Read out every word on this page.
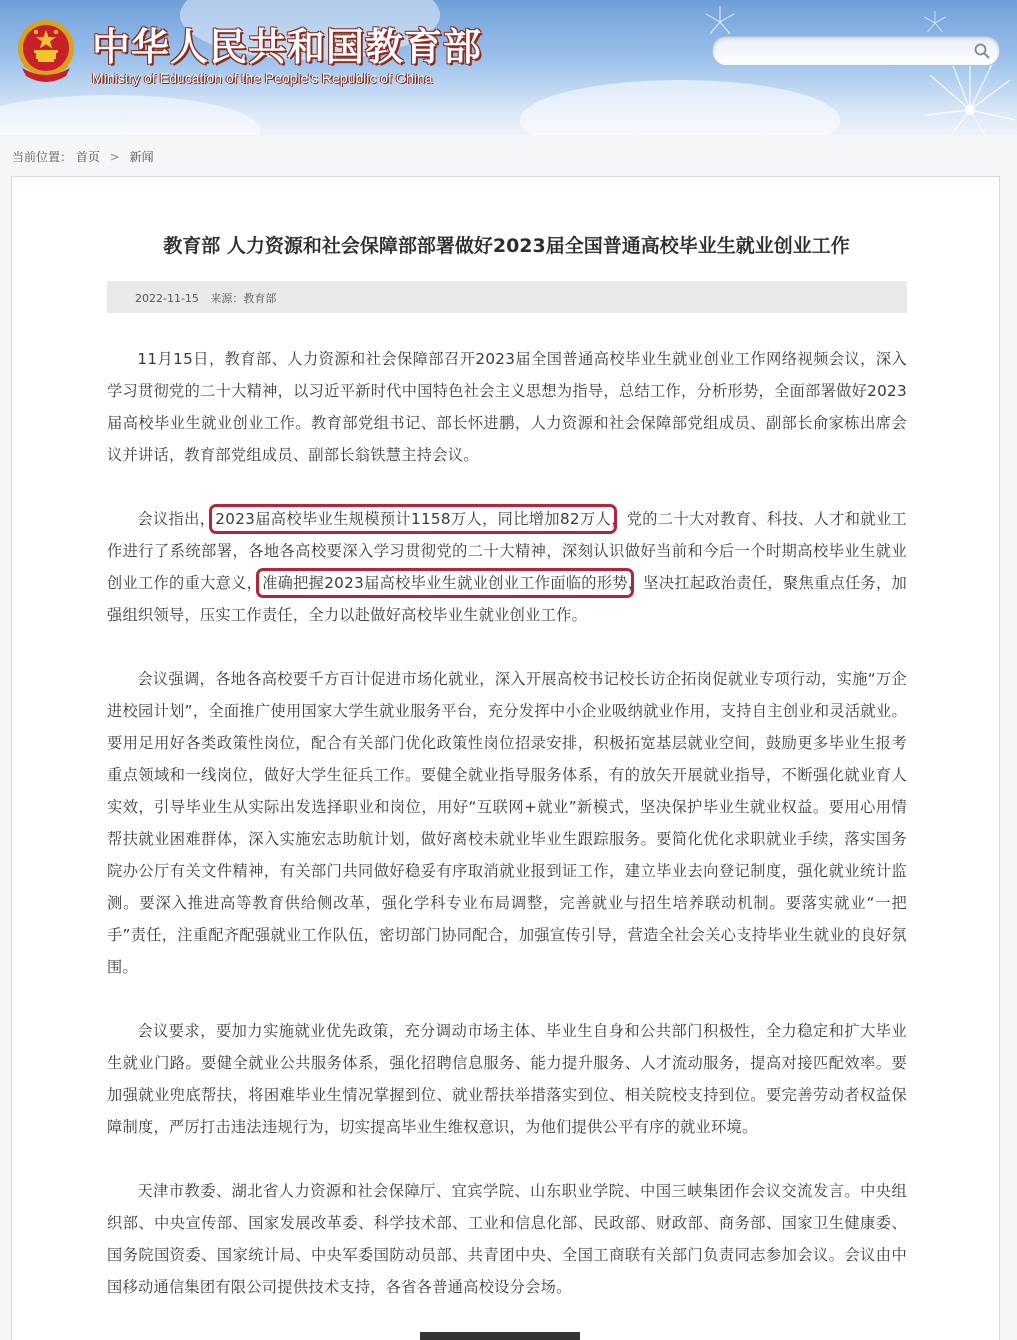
中华人民共和国教育部
Ministry of Education of the People's Republic of China
当前位置： 首页 > 新闻
教育部 人力资源和社会保障部部署做好2023届全国普通高校毕业生就业创业工作
2022-11-15 来源：教育部

11月15日，教育部、人力资源和社会保障部召开2023届全国普通高校毕业生就业创业工作网络视频会议，深入学习贯彻党的二十大精神，以习近平新时代中国特色社会主义思想为指导，总结工作，分析形势，全面部署做好2023届高校毕业生就业创业工作。教育部党组书记、部长怀进鹏，人力资源和社会保障部党组成员、副部长俞家栋出席会议并讲话，教育部党组成员、副部长翁铁慧主持会议。

会议指出，2023届高校毕业生规模预计1158万人，同比增加82万人，党的二十大对教育、科技、人才和就业工作进行了系统部署，各地各高校要深入学习贯彻党的二十大精神，深刻认识做好当前和今后一个时期高校毕业生就业创业工作的重大意义，准确把握2023届高校毕业生就业创业工作面临的形势，坚决扛起政治责任，聚焦重点任务，加强组织领导，压实工作责任，全力以赴做好高校毕业生就业创业工作。

会议强调，各地各高校要千方百计促进市场化就业，深入开展高校书记校长访企拓岗促就业专项行动，实施“万企进校园计划”，全面推广使用国家大学生就业服务平台，充分发挥中小企业吸纳就业作用，支持自主创业和灵活就业。要用足用好各类政策性岗位，配合有关部门优化政策性岗位招录安排，积极拓宽基层就业空间，鼓励更多毕业生报考重点领域和一线岗位，做好大学生征兵工作。要健全就业指导服务体系，有的放矢开展就业指导，不断强化就业育人实效，引导毕业生从实际出发选择职业和岗位，用好“互联网+就业”新模式，坚决保护毕业生就业权益。要用心用情帮扶就业困难群体，深入实施宏志助航计划，做好离校未就业毕业生跟踪服务。要简化优化求职就业手续，落实国务院办公厅有关文件精神，有关部门共同做好稳妥有序取消就业报到证工作，建立毕业去向登记制度，强化就业统计监测。要深入推进高等教育供给侧改革，强化学科专业布局调整，完善就业与招生培养联动机制。要落实就业“一把手”责任，注重配齐配强就业工作队伍，密切部门协同配合，加强宣传引导，营造全社会关心支持毕业生就业的良好氛围。

会议要求，要加力实施就业优先政策，充分调动市场主体、毕业生自身和公共部门积极性，全力稳定和扩大毕业生就业门路。要健全就业公共服务体系，强化招聘信息服务、能力提升服务、人才流动服务，提高对接匹配效率。要加强就业兜底帮扶，将困难毕业生情况掌握到位、就业帮扶举措落实到位、相关院校支持到位。要完善劳动者权益保障制度，严厉打击违法违规行为，切实提高毕业生维权意识，为他们提供公平有序的就业环境。

天津市教委、湖北省人力资源和社会保障厅、宜宾学院、山东职业学院、中国三峡集团作会议交流发言。中央组织部、中央宣传部、国家发展改革委、科学技术部、工业和信息化部、民政部、财政部、商务部、国家卫生健康委、国务院国资委、国家统计局、中央军委国防动员部、共青团中央、全国工商联有关部门负责同志参加会议。会议由中国移动通信集团有限公司提供技术支持，各省各普通高校设分会场。
